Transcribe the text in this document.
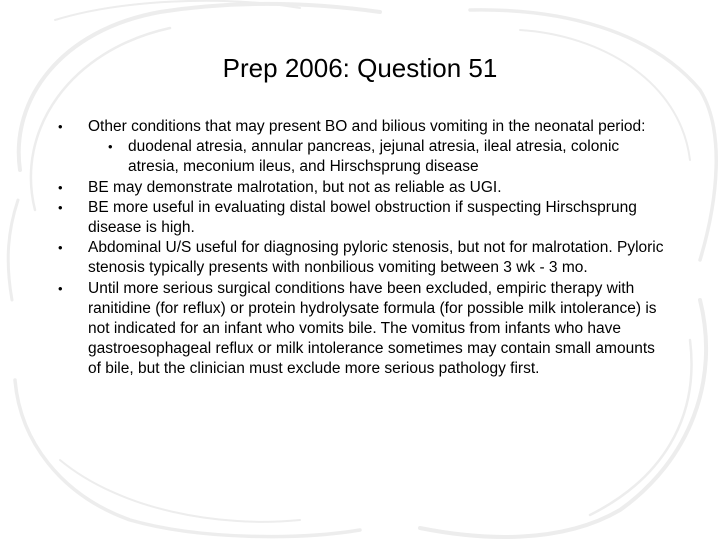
Prep 2006: Question 51
• Other conditions that may present BO and bilious vomiting in the neonatal period:
• duodenal atresia, annular pancreas, jejunal atresia, ileal atresia, colonic atresia, meconium ileus, and Hirschsprung disease
• BE may demonstrate malrotation, but not as reliable as UGI.
• BE more useful in evaluating distal bowel obstruction if suspecting Hirschsprung disease is high.
• Abdominal U/S useful for diagnosing pyloric stenosis, but not for malrotation. Pyloric stenosis typically presents with nonbilious vomiting between 3 wk - 3 mo.
• Until more serious surgical conditions have been excluded, empiric therapy with ranitidine (for reflux) or protein hydrolysate formula (for possible milk intolerance) is not indicated for an infant who vomits bile. The vomitus from infants who have gastroesophageal reflux or milk intolerance sometimes may contain small amounts of bile, but the clinician must exclude more serious pathology first.
